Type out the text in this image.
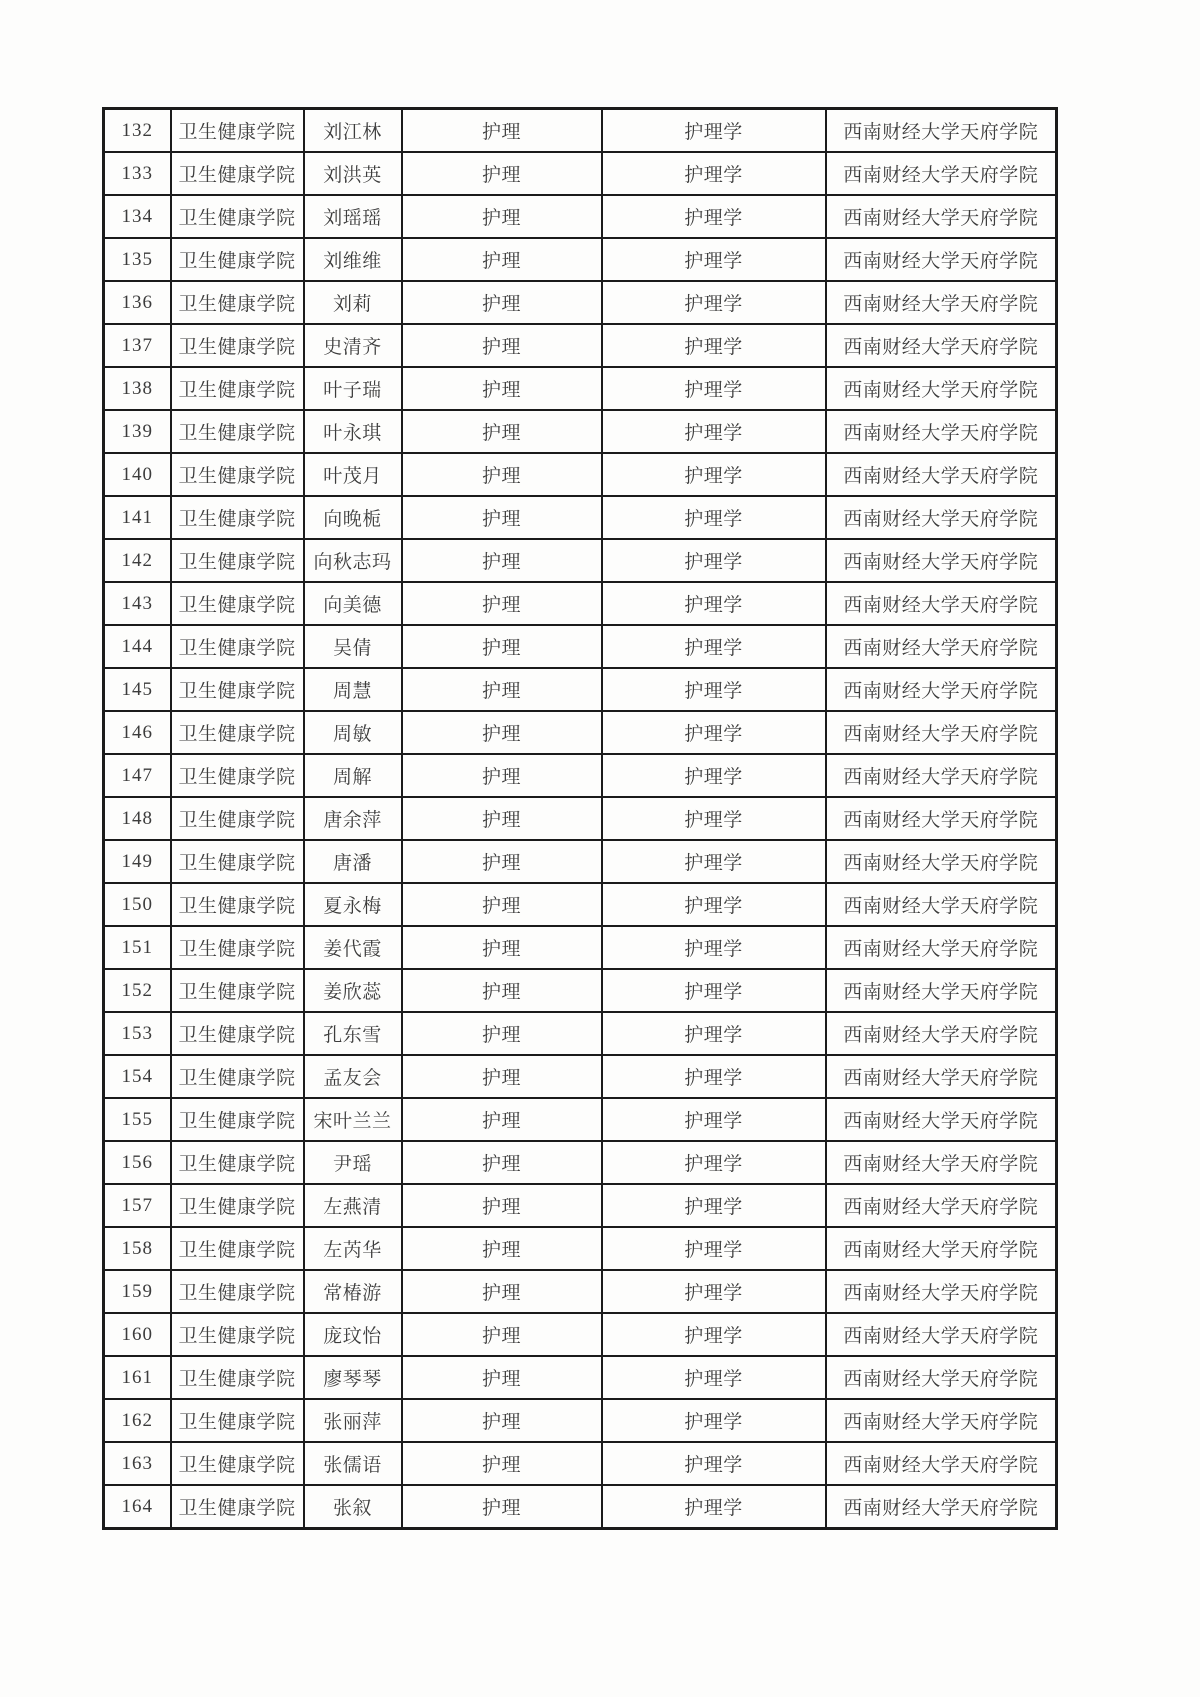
132	卫生健康学院	刘江林	护理	护理学	西南财经大学天府学院
133	卫生健康学院	刘洪英	护理	护理学	西南财经大学天府学院
134	卫生健康学院	刘瑶瑶	护理	护理学	西南财经大学天府学院
135	卫生健康学院	刘维维	护理	护理学	西南财经大学天府学院
136	卫生健康学院	刘莉	护理	护理学	西南财经大学天府学院
137	卫生健康学院	史清齐	护理	护理学	西南财经大学天府学院
138	卫生健康学院	叶子瑞	护理	护理学	西南财经大学天府学院
139	卫生健康学院	叶永琪	护理	护理学	西南财经大学天府学院
140	卫生健康学院	叶茂月	护理	护理学	西南财经大学天府学院
141	卫生健康学院	向晚栀	护理	护理学	西南财经大学天府学院
142	卫生健康学院	向秋志玛	护理	护理学	西南财经大学天府学院
143	卫生健康学院	向美德	护理	护理学	西南财经大学天府学院
144	卫生健康学院	吴倩	护理	护理学	西南财经大学天府学院
145	卫生健康学院	周慧	护理	护理学	西南财经大学天府学院
146	卫生健康学院	周敏	护理	护理学	西南财经大学天府学院
147	卫生健康学院	周解	护理	护理学	西南财经大学天府学院
148	卫生健康学院	唐余萍	护理	护理学	西南财经大学天府学院
149	卫生健康学院	唐潘	护理	护理学	西南财经大学天府学院
150	卫生健康学院	夏永梅	护理	护理学	西南财经大学天府学院
151	卫生健康学院	姜代霞	护理	护理学	西南财经大学天府学院
152	卫生健康学院	姜欣蕊	护理	护理学	西南财经大学天府学院
153	卫生健康学院	孔东雪	护理	护理学	西南财经大学天府学院
154	卫生健康学院	孟友会	护理	护理学	西南财经大学天府学院
155	卫生健康学院	宋叶兰兰	护理	护理学	西南财经大学天府学院
156	卫生健康学院	尹瑶	护理	护理学	西南财经大学天府学院
157	卫生健康学院	左燕清	护理	护理学	西南财经大学天府学院
158	卫生健康学院	左芮华	护理	护理学	西南财经大学天府学院
159	卫生健康学院	常椿游	护理	护理学	西南财经大学天府学院
160	卫生健康学院	庞玟怡	护理	护理学	西南财经大学天府学院
161	卫生健康学院	廖琴琴	护理	护理学	西南财经大学天府学院
162	卫生健康学院	张丽萍	护理	护理学	西南财经大学天府学院
163	卫生健康学院	张儒语	护理	护理学	西南财经大学天府学院
164	卫生健康学院	张叙	护理	护理学	西南财经大学天府学院
